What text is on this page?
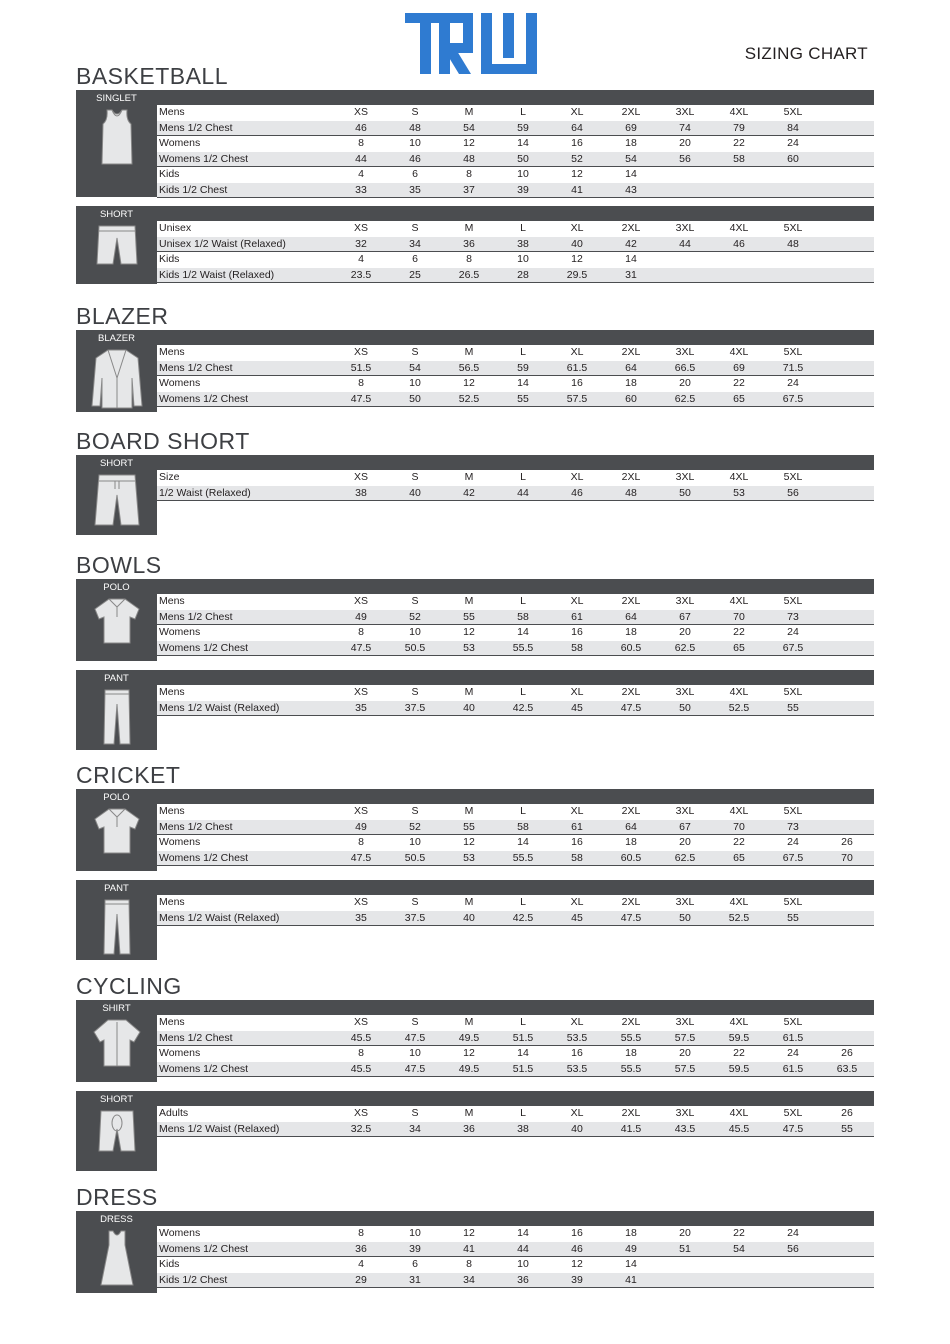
SIZING CHART
BASKETBALL
SINGLET
Mens	XS	S	M	L	XL	2XL	3XL	4XL	5XL
Mens 1/2 Chest	46	48	54	59	64	69	74	79	84
Womens	8	10	12	14	16	18	20	22	24
Womens 1/2 Chest	44	46	48	50	52	54	56	58	60
Kids	4	6	8	10	12	14
Kids 1/2 Chest	33	35	37	39	41	43
SHORT
Unisex	XS	S	M	L	XL	2XL	3XL	4XL	5XL
Unisex 1/2 Waist (Relaxed)	32	34	36	38	40	42	44	46	48
Kids	4	6	8	10	12	14
Kids 1/2 Waist (Relaxed)	23.5	25	26.5	28	29.5	31
BLAZER
BLAZER
Mens	XS	S	M	L	XL	2XL	3XL	4XL	5XL
Mens 1/2 Chest	51.5	54	56.5	59	61.5	64	66.5	69	71.5
Womens	8	10	12	14	16	18	20	22	24
Womens 1/2 Chest	47.5	50	52.5	55	57.5	60	62.5	65	67.5
BOARD SHORT
SHORT
Size	XS	S	M	L	XL	2XL	3XL	4XL	5XL
1/2 Waist (Relaxed)	38	40	42	44	46	48	50	53	56
BOWLS
POLO
Mens	XS	S	M	L	XL	2XL	3XL	4XL	5XL
Mens 1/2 Chest	49	52	55	58	61	64	67	70	73
Womens	8	10	12	14	16	18	20	22	24
Womens 1/2 Chest	47.5	50.5	53	55.5	58	60.5	62.5	65	67.5
PANT
Mens	XS	S	M	L	XL	2XL	3XL	4XL	5XL
Mens 1/2 Waist (Relaxed)	35	37.5	40	42.5	45	47.5	50	52.5	55
CRICKET
POLO
Mens	XS	S	M	L	XL	2XL	3XL	4XL	5XL
Mens 1/2 Chest	49	52	55	58	61	64	67	70	73
Womens	8	10	12	14	16	18	20	22	24	26
Womens 1/2 Chest	47.5	50.5	53	55.5	58	60.5	62.5	65	67.5	70
PANT
Mens	XS	S	M	L	XL	2XL	3XL	4XL	5XL
Mens 1/2 Waist (Relaxed)	35	37.5	40	42.5	45	47.5	50	52.5	55
CYCLING
SHIRT
Mens	XS	S	M	L	XL	2XL	3XL	4XL	5XL
Mens 1/2 Chest	45.5	47.5	49.5	51.5	53.5	55.5	57.5	59.5	61.5
Womens	8	10	12	14	16	18	20	22	24	26
Womens 1/2 Chest	45.5	47.5	49.5	51.5	53.5	55.5	57.5	59.5	61.5	63.5
SHORT
Adults	XS	S	M	L	XL	2XL	3XL	4XL	5XL	26
Mens 1/2 Waist (Relaxed)	32.5	34	36	38	40	41.5	43.5	45.5	47.5	55
DRESS
DRESS
Womens	8	10	12	14	16	18	20	22	24
Womens 1/2 Chest	36	39	41	44	46	49	51	54	56
Kids	4	6	8	10	12	14
Kids 1/2 Chest	29	31	34	36	39	41
